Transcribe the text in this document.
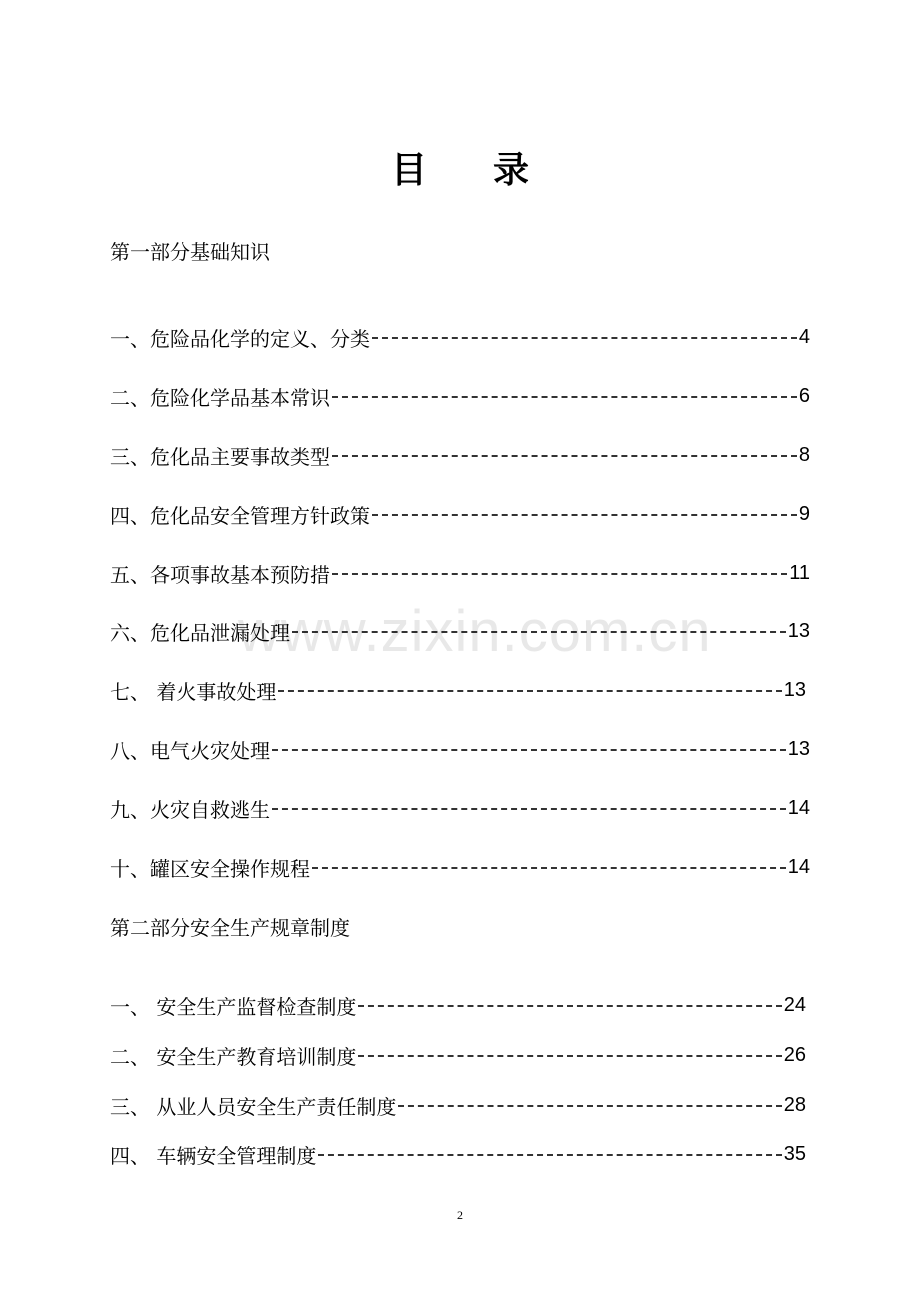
目 录
第一部分基础知识
一、危险品化学的定义、分类	4
二、危险化学品基本常识	6
三、危化品主要事故类型	8
四、危化品安全管理方针政策	9
五、各项事故基本预防措	11
六、危化品泄漏处理	13
七、 着火事故处理	13
八、电气火灾处理	13
九、火灾自救逃生	14
十、罐区安全操作规程	14
第二部分安全生产规章制度
一、 安全生产监督检查制度	24
二、 安全生产教育培训制度	26
三、 从业人员安全生产责任制度	28
四、 车辆安全管理制度	35
www.zixin.com.cn
2
